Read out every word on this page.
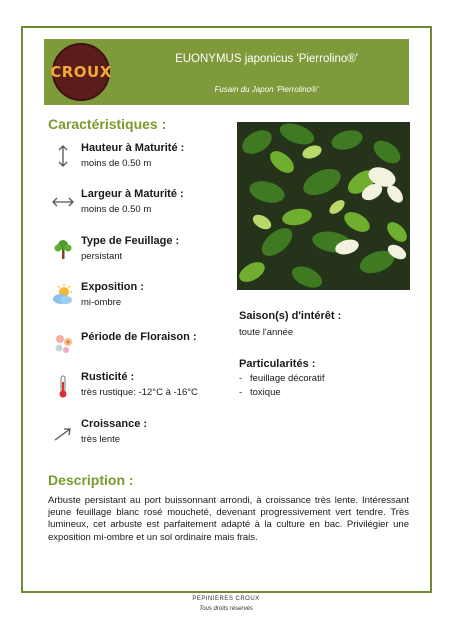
CROUX
EUONYMUS japonicus 'Pierrolino®'
Fusain du Japon 'Pierrolino®'
Caractéristiques :
Hauteur à Maturité :
moins de 0.50 m
Largeur à Maturité :
moins de 0.50 m
Type de Feuillage :
persistant
Exposition :
mi-ombre
Période de Floraison :
Rusticité :
très rustique: -12°C à -16°C
Croissance :
très lente
Saison(s) d'intérêt :
toute l'année
Particularités :
- feuillage décoratif
- toxique
Description :
Arbuste persistant au port buissonnant arrondi, à croissance très lente. Intéressant jeune feuillage blanc rosé moucheté, devenant progressivement vert tendre. Très lumineux, cet arbuste est parfaitement adapté à la culture en bac. Privilégier une exposition mi-ombre et un sol ordinaire mais frais.
PEPINIERES CROUX
Tous droits réservés
